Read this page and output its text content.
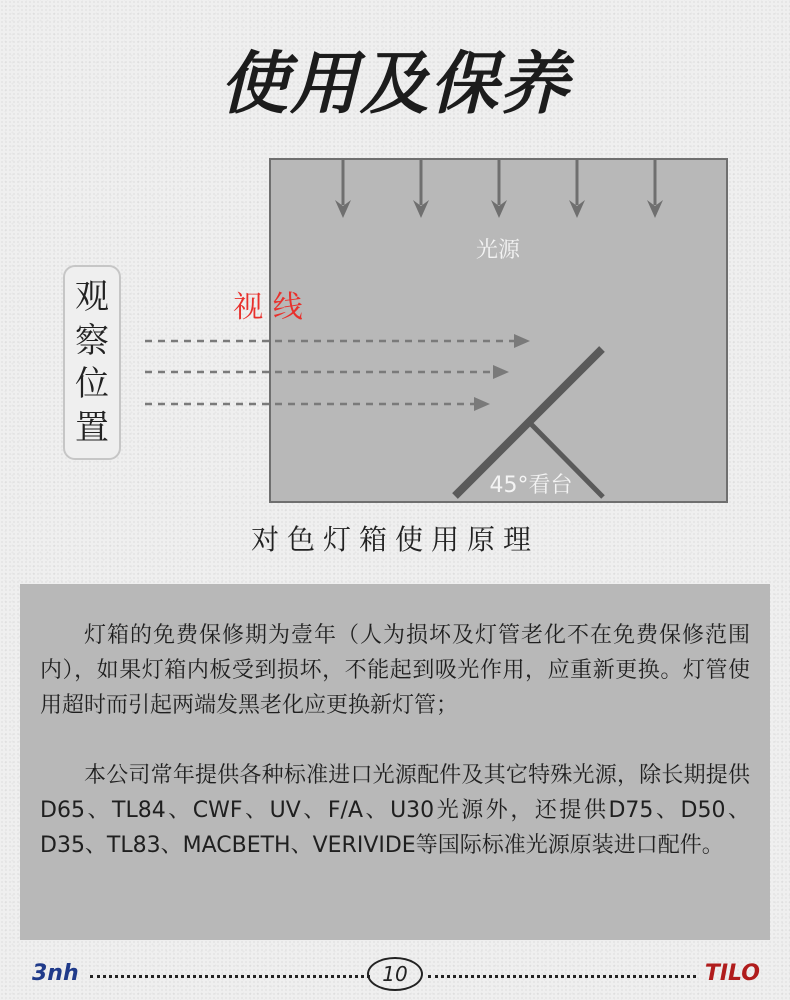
使用及保养
光源
视 线
45°看台
观
察
位
置
对色灯箱使用原理

灯箱的免费保修期为壹年（人为损坏及灯管老化不在免费保修范围内），如果灯箱内板受到损坏，不能起到吸光作用，应重新更换。灯管使用超时而引起两端发黑老化应更换新灯管；

本公司常年提供各种标准进口光源配件及其它特殊光源，除长期提供D65、TL84、CWF、UV、F/A、U30光源外，还提供D75、D50、D35、TL83、MACBETH、VERIVIDE等国际标准光源原装进口配件。

3nh	10	TILO
